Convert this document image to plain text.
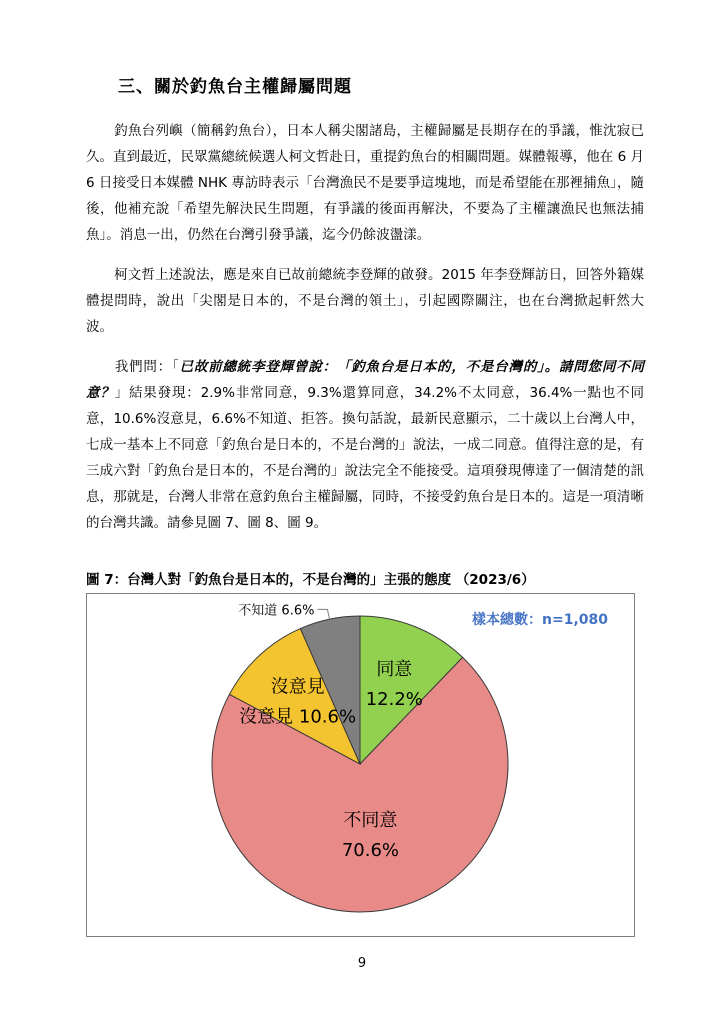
三、關於釣魚台主權歸屬問題
釣魚台列嶼（簡稱釣魚台），日本人稱尖閣諸島，主權歸屬是長期存在的爭議，惟沈寂已久。直到最近，民眾黨總統候選人柯文哲赴日，重提釣魚台的相關問題。媒體報導，他在 6 月 6 日接受日本媒體 NHK 專訪時表示「台灣漁民不是要爭這塊地，而是希望能在那裡捕魚」，隨後，他補充說「希望先解決民生問題，有爭議的後面再解決，不要為了主權讓漁民也無法捕魚」。消息一出，仍然在台灣引發爭議，迄今仍餘波盪漾。
柯文哲上述說法，應是來自已故前總統李登輝的啟發。2015 年李登輝訪日，回答外籍媒體提問時，說出「尖閣是日本的，不是台灣的領土」，引起國際關注，也在台灣掀起軒然大波。
我們問：「已故前總統李登輝曾說：「釣魚台是日本的，不是台灣的」。請問您同不同意？」結果發現：2.9%非常同意，9.3%還算同意，34.2%不太同意，36.4%一點也不同意，10.6%沒意見，6.6%不知道、拒答。換句話說，最新民意顯示，二十歲以上台灣人中，七成一基本上不同意「釣魚台是日本的，不是台灣的」說法，一成二同意。值得注意的是，有三成六對「釣魚台是日本的，不是台灣的」說法完全不能接受。這項發現傳達了一個清楚的訊息，那就是，台灣人非常在意釣魚台主權歸屬，同時，不接受釣魚台是日本的。這是一項清晰的台灣共識。請參見圖 7、圖 8、圖 9。
圖 7：台灣人對「釣魚台是日本的，不是台灣的」主張的態度 （2023/6）
同意
12.2%
不同意
70.6%
沒意見
沒意見 10.6%
不知道 6.6%
樣本總數：n=1,080
9
